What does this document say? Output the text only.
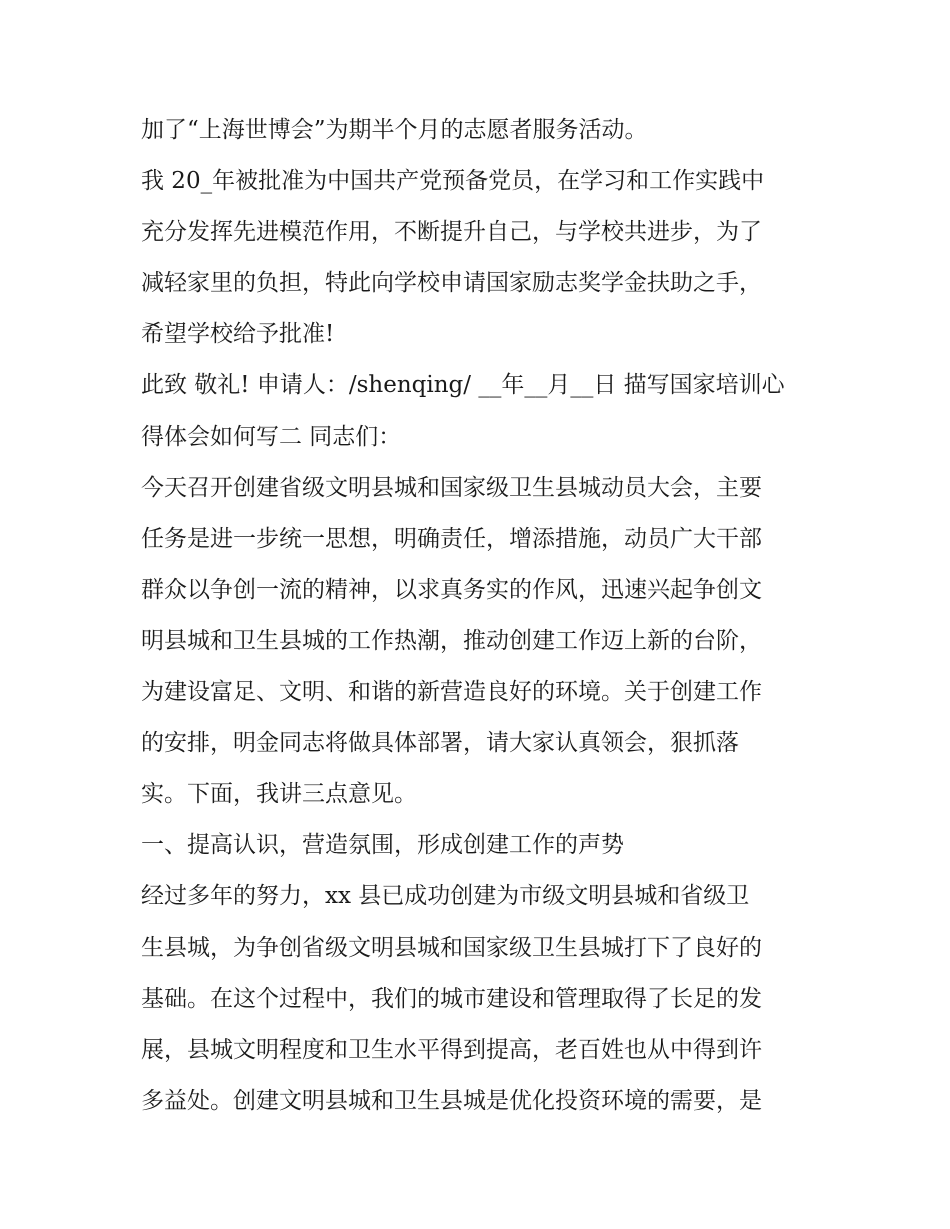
加了“上海世博会”为期半个月的志愿者服务活动。
我 20_年被批准为中国共产党预备党员，在学习和工作实践中
充分发挥先进模范作用，不断提升自己，与学校共进步，为了
减轻家里的负担，特此向学校申请国家励志奖学金扶助之手，
希望学校给予批准!
此致 敬礼! 申请人：/shenqing/ __年__月__日 描写国家培训心
得体会如何写二 同志们：
今天召开创建省级文明县城和国家级卫生县城动员大会，主要
任务是进一步统一思想，明确责任，增添措施，动员广大干部
群众以争创一流的精神，以求真务实的作风，迅速兴起争创文
明县城和卫生县城的工作热潮，推动创建工作迈上新的台阶，
为建设富足、文明、和谐的新营造良好的环境。关于创建工作
的安排，明金同志将做具体部署，请大家认真领会，狠抓落
实。下面，我讲三点意见。
一、提高认识，营造氛围，形成创建工作的声势
经过多年的努力，xx 县已成功创建为市级文明县城和省级卫
生县城，为争创省级文明县城和国家级卫生县城打下了良好的
基础。在这个过程中，我们的城市建设和管理取得了长足的发
展，县城文明程度和卫生水平得到提高，老百姓也从中得到许
多益处。创建文明县城和卫生县城是优化投资环境的需要，是
